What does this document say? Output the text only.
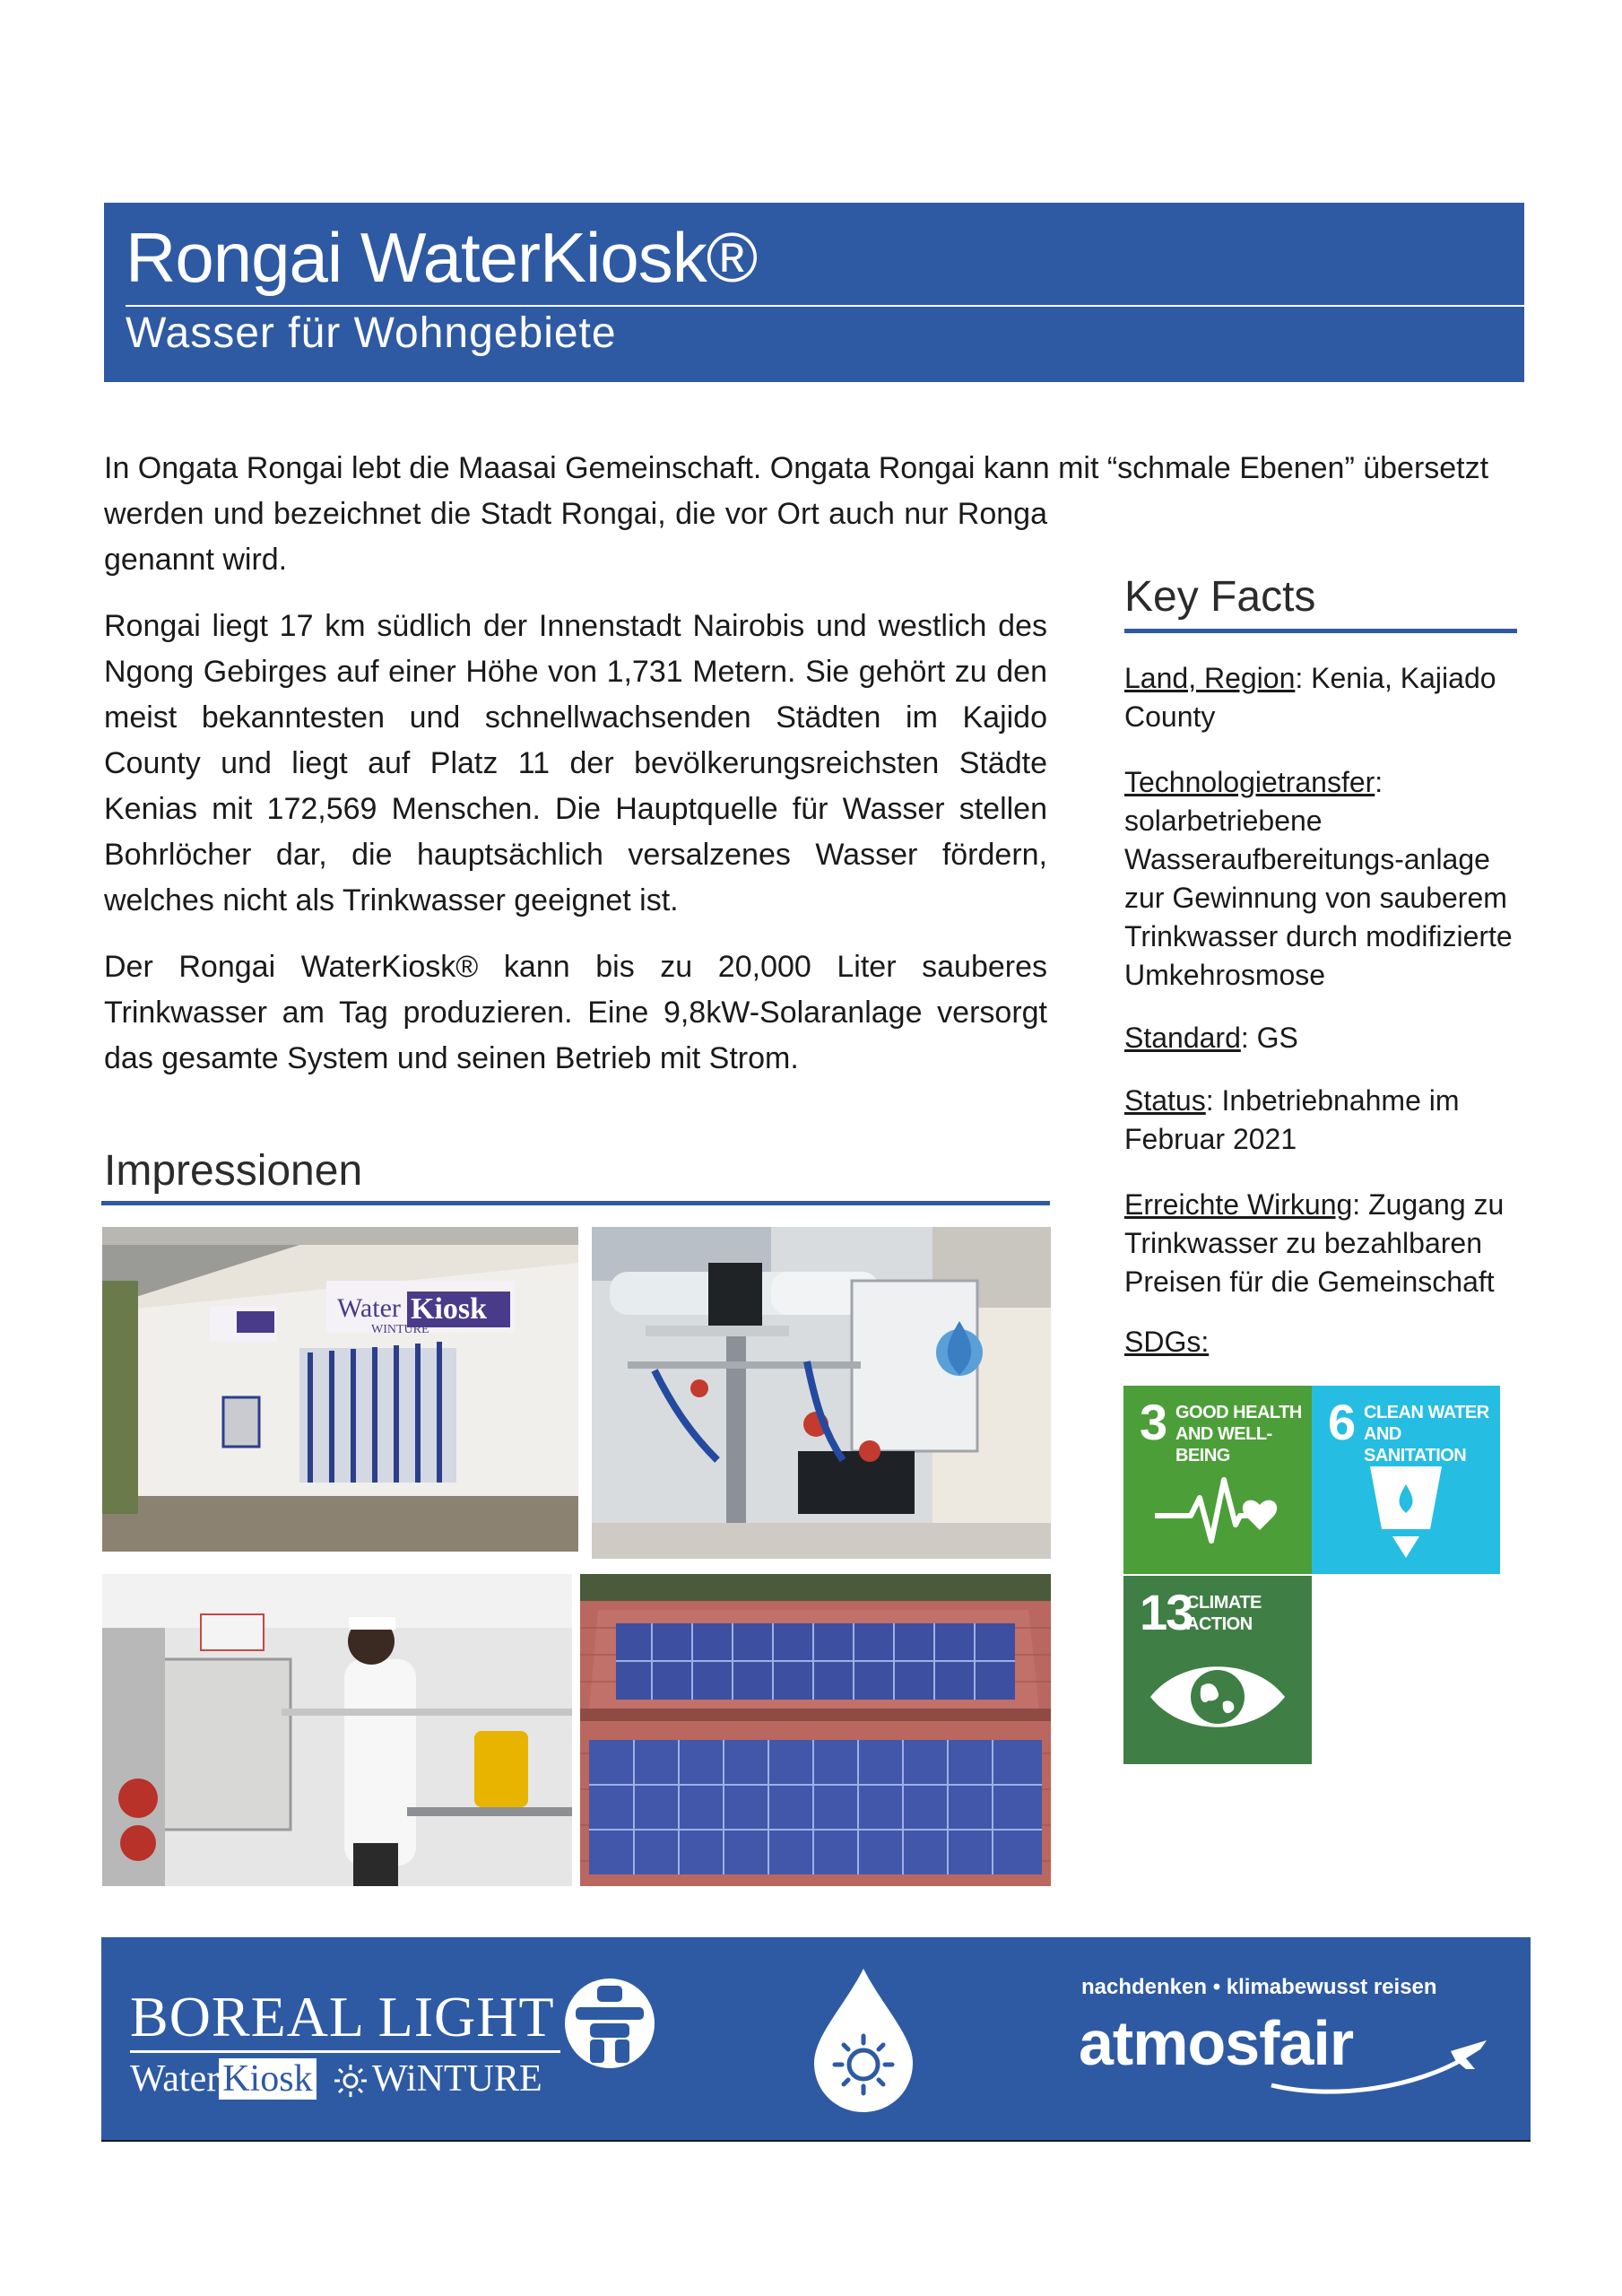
Rongai WaterKiosk®
Wasser für Wohngebiete
In Ongata Rongai lebt die Maasai Gemeinschaft. Ongata Rongai kann mit “schmale Ebenen” übersetzt

werden und bezeichnet die Stadt Rongai, die vor Ort auch nur Ronga genannt wird.

Rongai liegt 17 km südlich der Innenstadt Nairobis und westlich des Ngong Gebirges auf einer Höhe von 1,731 Metern. Sie gehört zu den meist bekanntesten und schnellwachsenden Städten im Kajido County und liegt auf Platz 11 der bevölkerungsreichsten Städte Kenias mit 172,569 Menschen. Die Hauptquelle für Wasser stellen Bohrlöcher dar, die hauptsächlich versalzenes Wasser fördern, welches nicht als Trinkwasser geeignet ist.

Der Rongai WaterKiosk® kann bis zu 20,000 Liter sauberes Trinkwasser am Tag produzieren. Eine 9,8kW-Solaranlage versorgt das gesamte System und seinen Betrieb mit Strom.

Impressionen
Water Kiosk
WINTURE
Key Facts
Land, Region: Kenia, Kajiado County
Technologietransfer: solarbetriebene Wasseraufbereitungs-anlage zur Gewinnung von sauberem Trinkwasser durch modifizierte Umkehrosmose
Standard: GS
Status: Inbetriebnahme im Februar 2021
Erreichte Wirkung: Zugang zu Trinkwasser zu bezahlbaren Preisen für die Gemeinschaft
SDGs:
3 GOOD HEALTH
AND WELL-BEING
6 CLEAN WATER
AND SANITATION
13
CLIMATE
ACTION
BOREAL LIGHT
WaterKiosk WiNTURE
nachdenken • klimabewusst reisen
atmosfair
